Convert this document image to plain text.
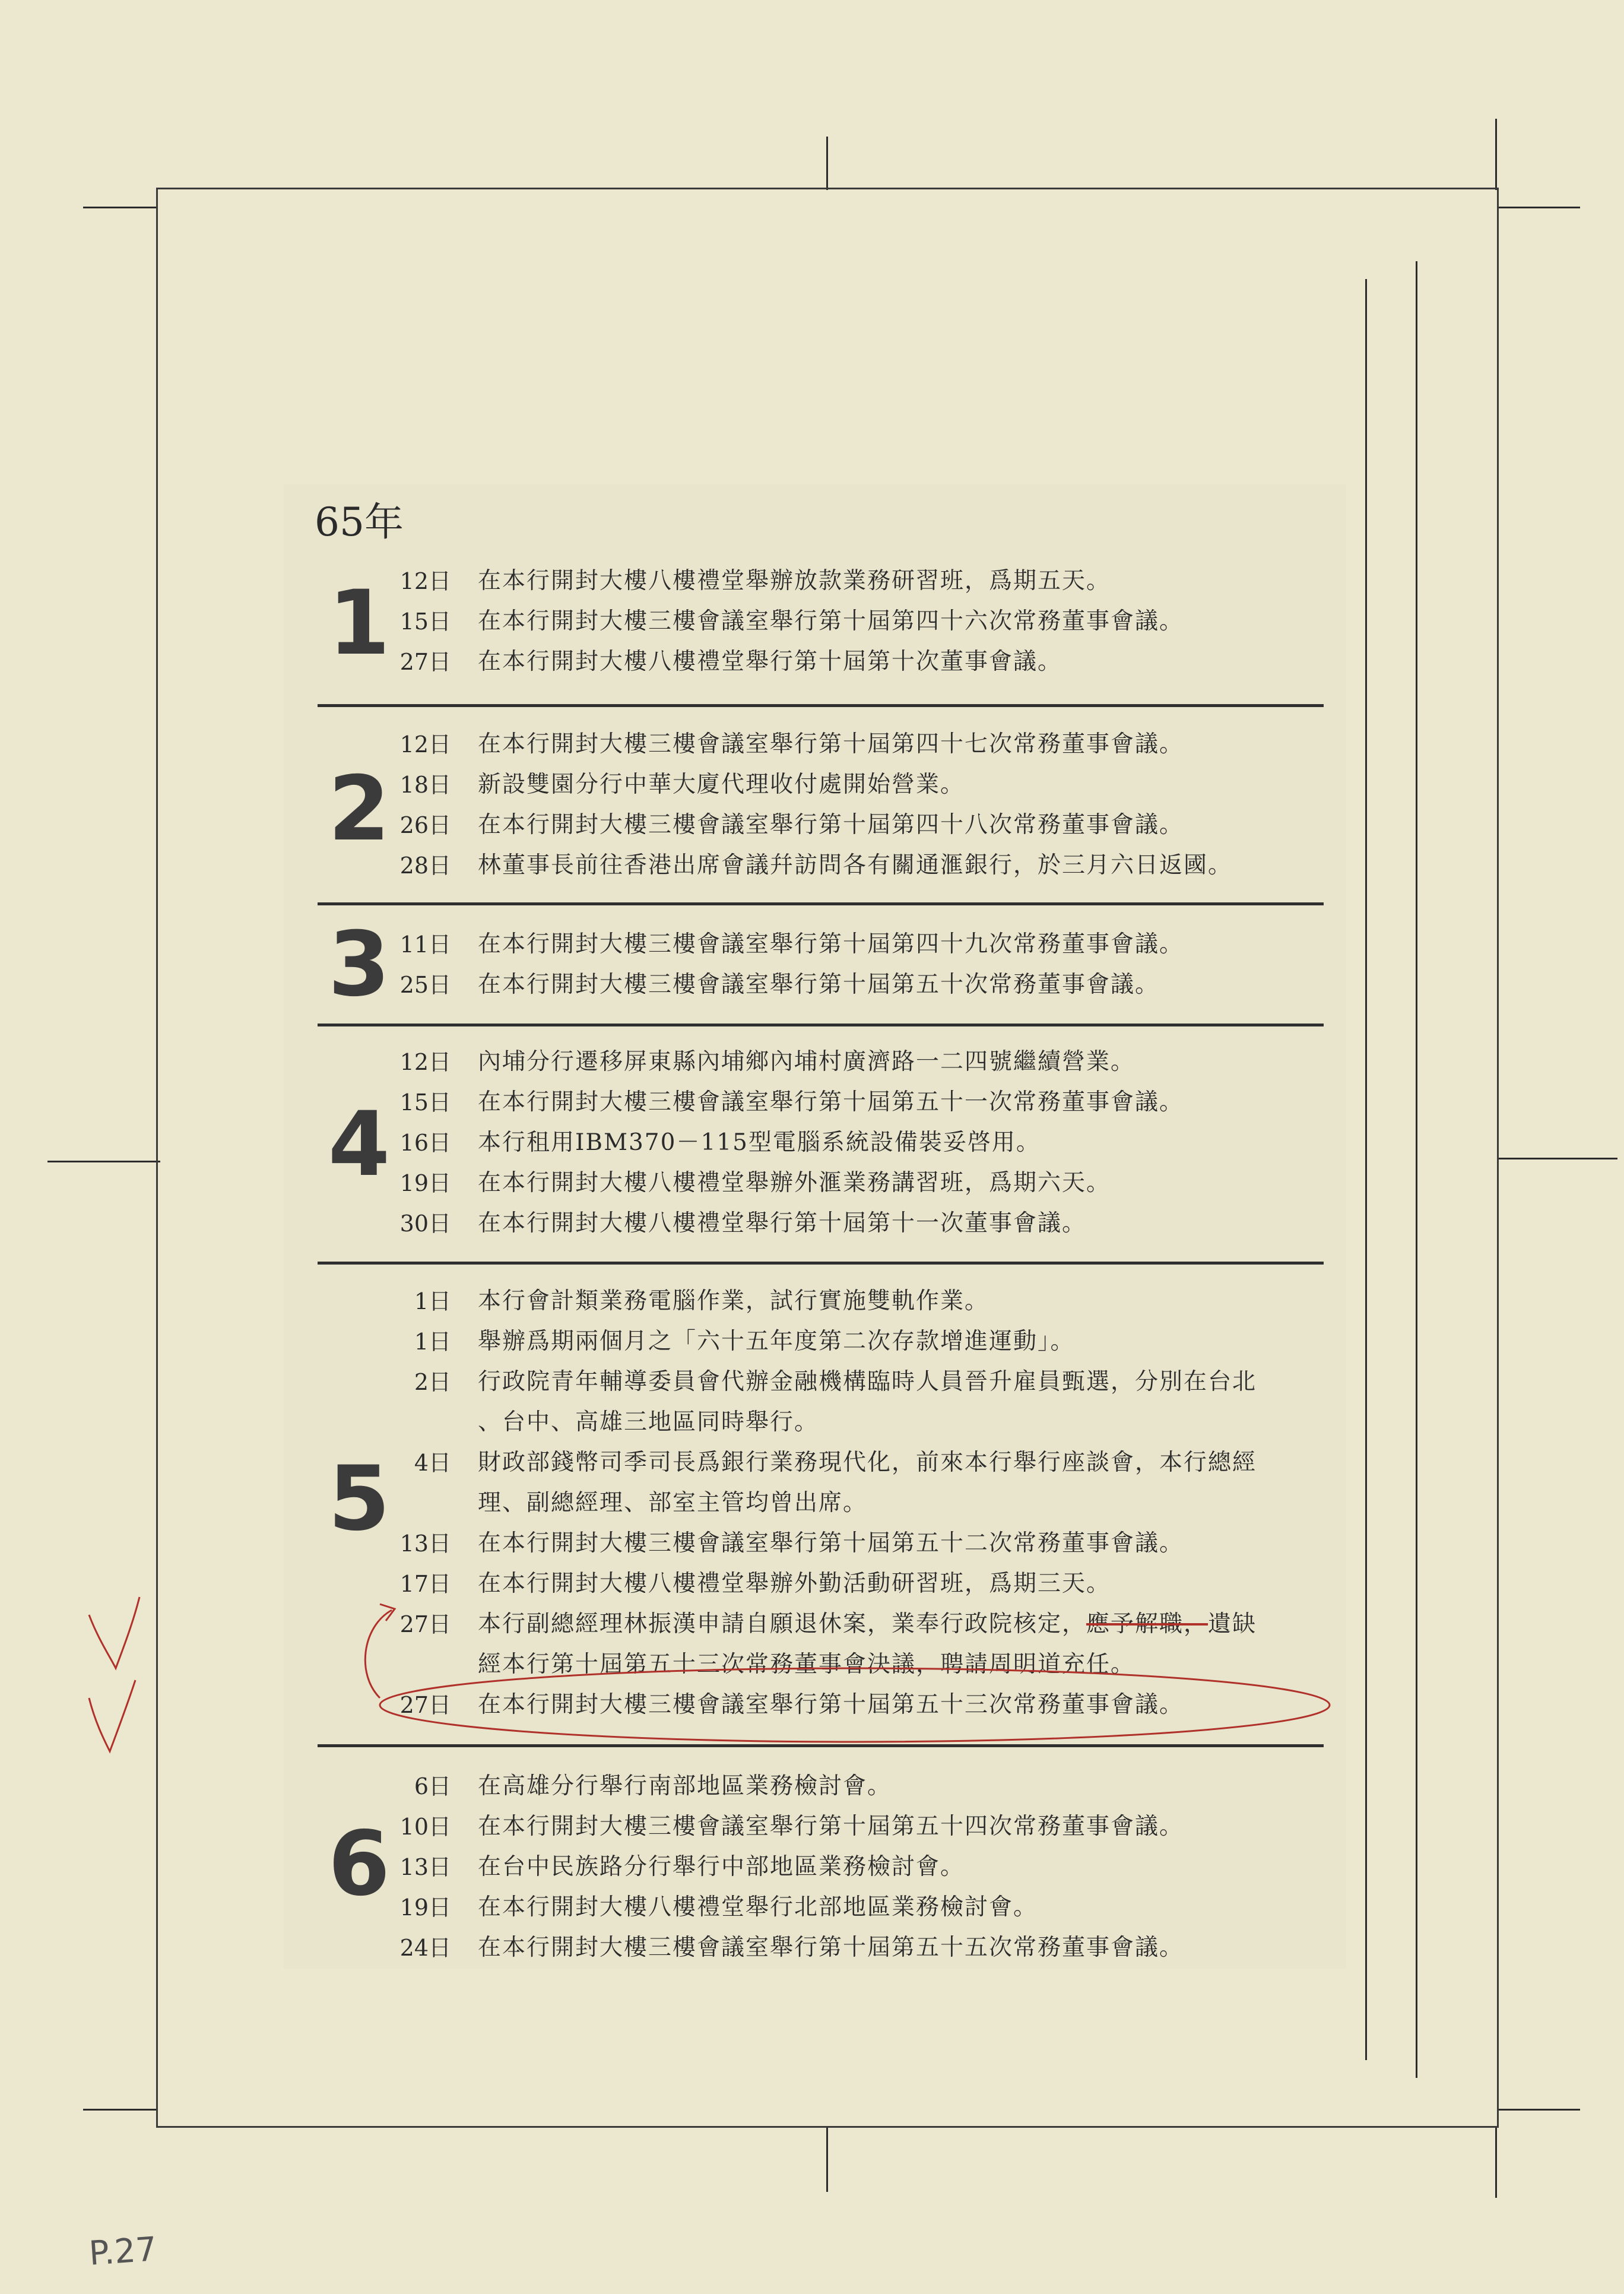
65年
1 12日 在本行開封大樓八樓禮堂舉辦放款業務研習班，爲期五天。
15日 在本行開封大樓三樓會議室舉行第十屆第四十六次常務董事會議。
27日 在本行開封大樓八樓禮堂舉行第十屆第十次董事會議。
2
12日 在本行開封大樓三樓會議室舉行第十屆第四十七次常務董事會議。
18日 新設雙園分行中華大廈代理收付處開始營業。
26日 在本行開封大樓三樓會議室舉行第十屆第四十八次常務董事會議。
28日 林董事長前往香港出席會議幷訪問各有關通滙銀行，於三月六日返國。
3 11日 在本行開封大樓三樓會議室舉行第十屆第四十九次常務董事會議。
25日 在本行開封大樓三樓會議室舉行第十屆第五十次常務董事會議。
4
12日 內埔分行遷移屏東縣內埔鄉內埔村廣濟路一二四號繼續營業。
15日 在本行開封大樓三樓會議室舉行第十屆第五十一次常務董事會議。
16日 本行租用IBM370－115型電腦系統設備裝妥啓用。
19日 在本行開封大樓八樓禮堂舉辦外滙業務講習班，爲期六天。
30日 在本行開封大樓八樓禮堂舉行第十屆第十一次董事會議。
5
1日 本行會計類業務電腦作業，試行實施雙軌作業。
1日 舉辦爲期兩個月之「六十五年度第二次存款增進運動」。
2日 行政院青年輔導委員會代辦金融機構臨時人員晉升雇員甄選，分別在台北
、台中、高雄三地區同時舉行。
4日 財政部錢幣司季司長爲銀行業務現代化，前來本行舉行座談會，本行總經
理、副總經理、部室主管均曾出席。
13日 在本行開封大樓三樓會議室舉行第十屆第五十二次常務董事會議。
17日 在本行開封大樓八樓禮堂舉辦外勤活動研習班，爲期三天。
27日 本行副總經理林振漢申請自願退休案，業奉行政院核定，應予解職，遺缺
經本行第十屆第五十三次常務董事會決議，聘請周明道充任。
27日 在本行開封大樓三樓會議室舉行第十屆第五十三次常務董事會議。
6
6日 在高雄分行舉行南部地區業務檢討會。
10日 在本行開封大樓三樓會議室舉行第十屆第五十四次常務董事會議。
13日 在台中民族路分行舉行中部地區業務檢討會。
19日 在本行開封大樓八樓禮堂舉行北部地區業務檢討會。
24日 在本行開封大樓三樓會議室舉行第十屆第五十五次常務董事會議。
P.27
